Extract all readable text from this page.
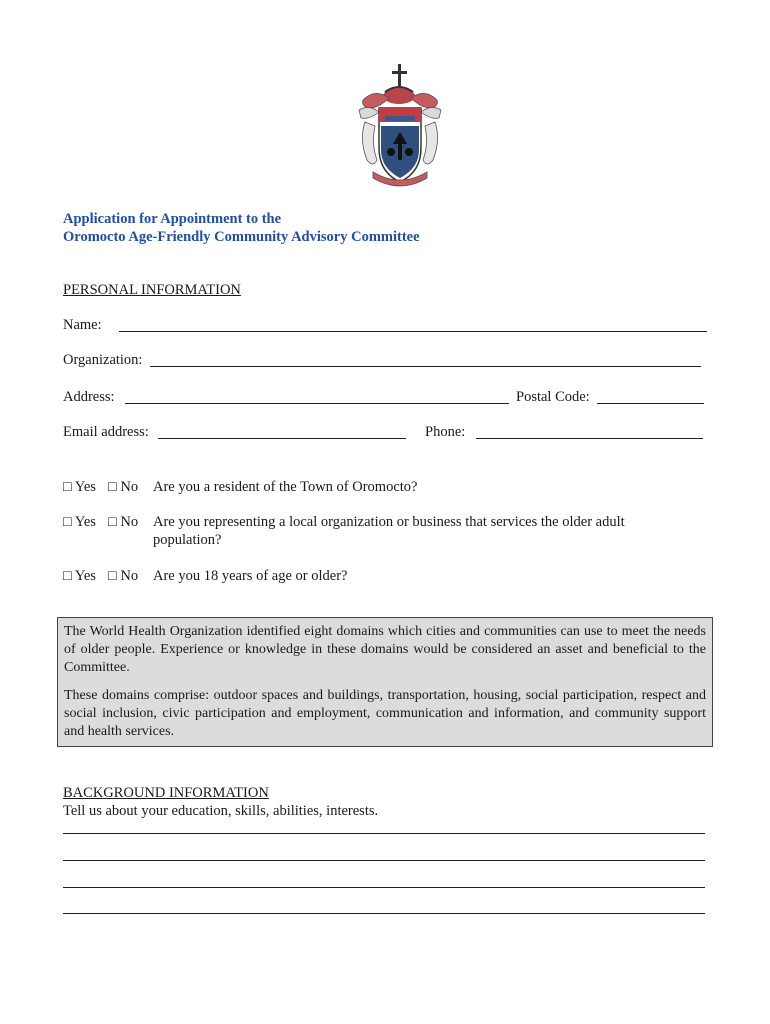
Application for Appointment to the
Oromocto Age-Friendly Community Advisory Committee
PERSONAL INFORMATION
Name:
Organization:
Address:	Postal Code:
Email address:	Phone:
□ Yes □ No Are you a resident of the Town of Oromocto?
□ Yes □ No Are you representing a local organization or business that services the older adult population?
□ Yes □ No Are you 18 years of age or older?

The World Health Organization identified eight domains which cities and communities can use to meet the needs of older people. Experience or knowledge in these domains would be considered an asset and beneficial to the Committee.

These domains comprise: outdoor spaces and buildings, transportation, housing, social participation, respect and social inclusion, civic participation and employment, communication and information, and community support and health services.

BACKGROUND INFORMATION
Tell us about your education, skills, abilities, interests.
